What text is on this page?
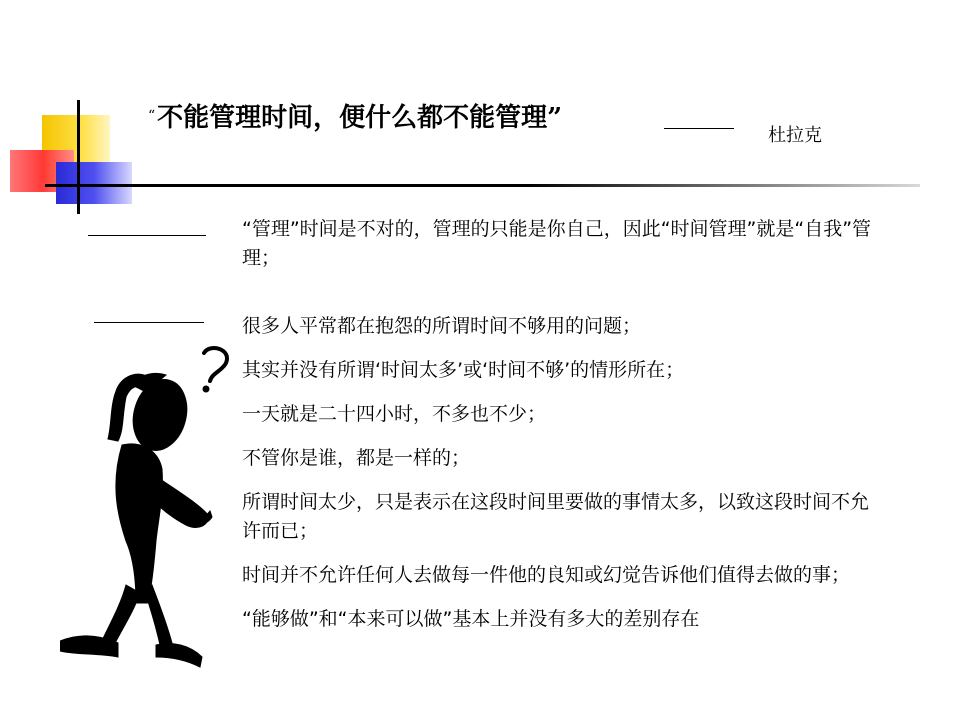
“不能管理时间，便什么都不能管理”
杜拉克
“管理”时间是不对的，管理的只能是你自己，因此“时间管理”就是“自我”管理；
很多人平常都在抱怨的所谓时间不够用的问题；
其实并没有所谓‘时间太多’或‘时间不够’的情形所在；
一天就是二十四小时，不多也不少；
不管你是谁，都是一样的；
所谓时间太少，只是表示在这段时间里要做的事情太多，以致这段时间不允许而已；
时间并不允许任何人去做每一件他的良知或幻觉告诉他们值得去做的事；
“能够做”和“本来可以做”基本上并没有多大的差别存在
